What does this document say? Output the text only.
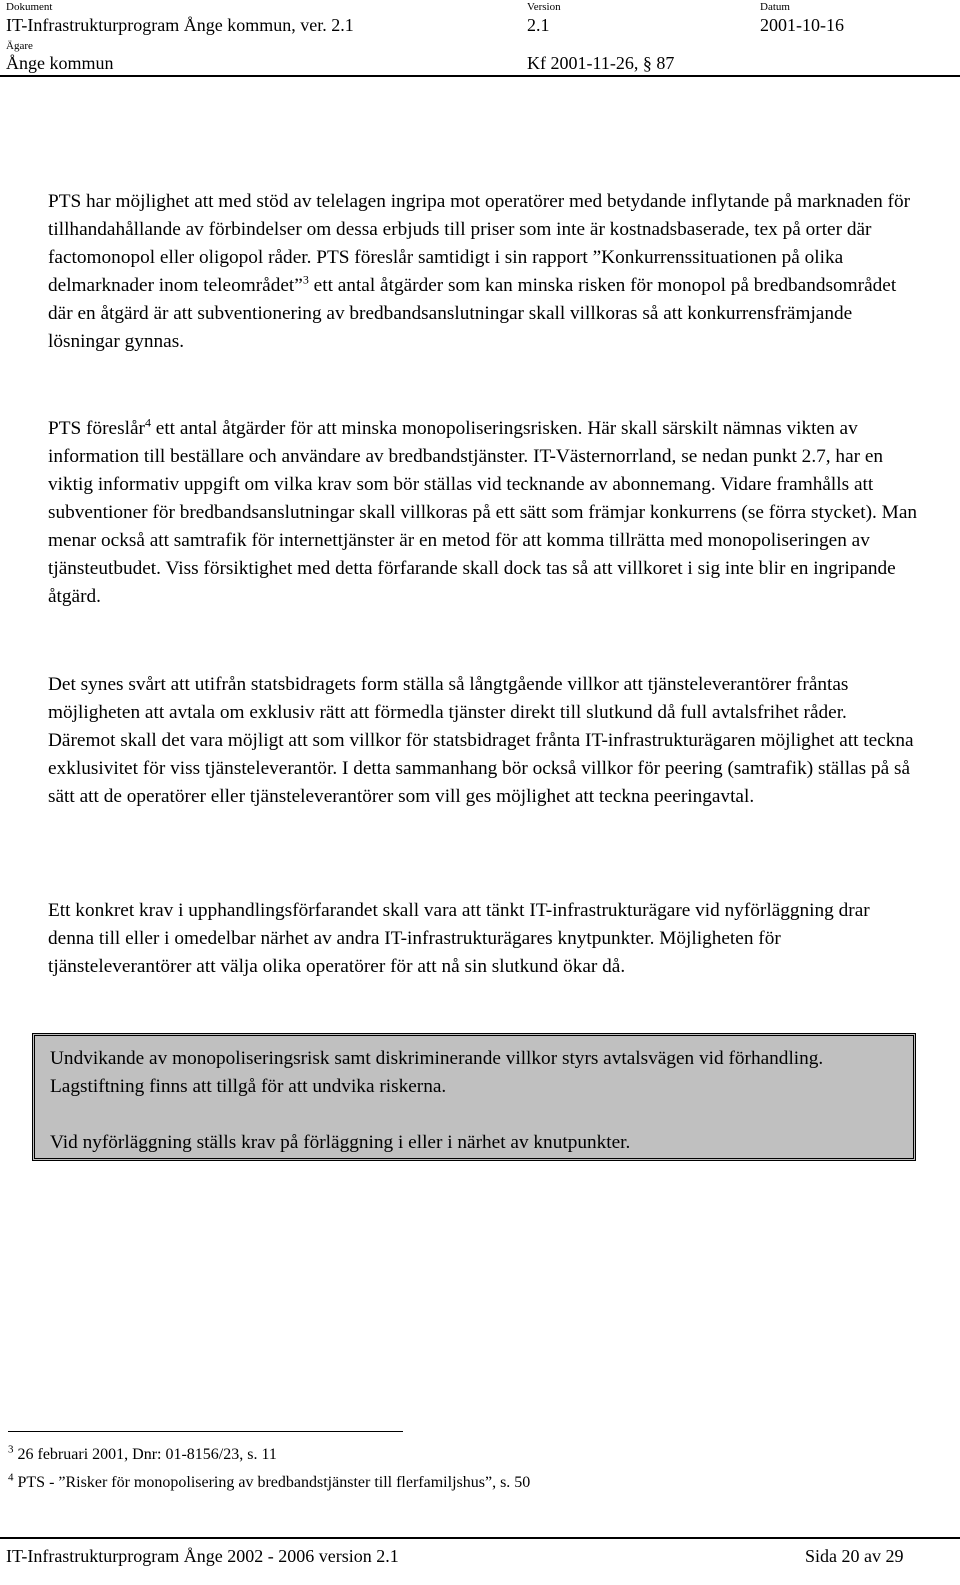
Dokument	Version	Datum
IT-Infrastrukturprogram Ånge kommun, ver. 2.1	2.1	2001-10-16
Ägare
Ånge kommun	Kf 2001-11-26, § 87

PTS har möjlighet att med stöd av telelagen ingripa mot operatörer med betydande inflytande på marknaden för tillhandahållande av förbindelser om dessa erbjuds till priser som inte är kostnadsbaserade, tex på orter där factomonopol eller oligopol råder. PTS föreslår samtidigt i sin rapport ”Konkurrenssituationen på olika delmarknader inom teleområdet”$^3$ ett antal åtgärder som kan minska risken för monopol på bredbandsområdet där en åtgärd är att subventionering av bredbandsanslutningar skall villkoras så att konkurrensfrämjande lösningar gynnas.

PTS föreslår$^4$ ett antal åtgärder för att minska monopoliseringsrisken. Här skall särskilt nämnas vikten av information till beställare och användare av bredbandstjänster. IT-Västernorrland, se nedan punkt 2.7, har en viktig informativ uppgift om vilka krav som bör ställas vid tecknande av abonnemang. Vidare framhålls att subventioner för bredbandsanslutningar skall villkoras på ett sätt som främjar konkurrens (se förra stycket). Man menar också att samtrafik för internettjänster är en metod för att komma tillrätta med monopoliseringen av tjänsteutbudet. Viss försiktighet med detta förfarande skall dock tas så att villkoret i sig inte blir en ingripande åtgärd.

Det synes svårt att utifrån statsbidragets form ställa så långtgående villkor att tjänsteleverantörer fråntas möjligheten att avtala om exklusiv rätt att förmedla tjänster direkt till slutkund då full avtalsfrihet råder. Däremot skall det vara möjligt att som villkor för statsbidraget frånta IT-infrastrukturägaren möjlighet att teckna exklusivitet för viss tjänsteleverantör. I detta sammanhang bör också villkor för peering (samtrafik) ställas på så sätt att de operatörer eller tjänsteleverantörer som vill ges möjlighet att teckna peeringavtal.

Ett konkret krav i upphandlingsförfarandet skall vara att tänkt IT-infrastrukturägare vid nyförläggning drar denna till eller i omedelbar närhet av andra IT-infrastrukturägares knytpunkter. Möjligheten för tjänsteleverantörer att välja olika operatörer för att nå sin slutkund ökar då.

Undvikande av monopoliseringsrisk samt diskriminerande villkor styrs avtalsvägen vid förhandling. Lagstiftning finns att tillgå för att undvika riskerna.

Vid nyförläggning ställs krav på förläggning i eller i närhet av knutpunkter.

$^3$ 26 februari 2001, Dnr: 01-8156/23, s. 11

$^4$ PTS - ”Risker för monopolisering av bredbandstjänster till flerfamiljshus”, s. 50

IT-Infrastrukturprogram Ånge 2002 - 2006 version 2.1	Sida 20 av 29
